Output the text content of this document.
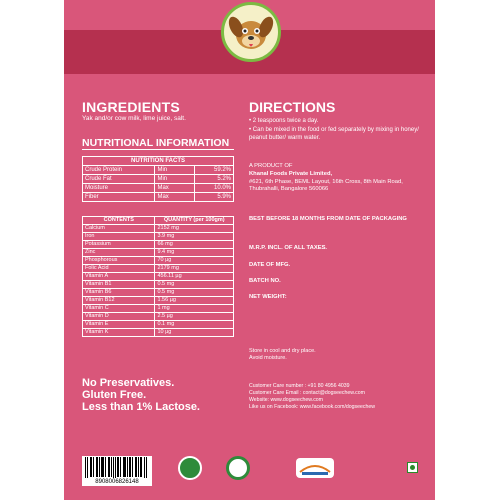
INGREDIENTS
Yak and/or cow milk, lime juice, salt.
NUTRITIONAL INFORMATION
NUTRITION FACTS		
Crude Protein	Min	59.2%
Crude Fat	Min	5.2%
Moisture	Max	10.0%
Fiber	Max	5.9%
CONTENTS	QUANTITY (per 100gm)
Calcium	2152 mg
Iron	3.9 mg
Potassium	66 mg
Zinc	9.4 mg
Phosphorous	70 µg
Folic Acid	2179 mg
Vitamin A	456.11 µg
Vitamin B1	0.5 mg
Vitamin B6	0.5 mg
Vitamin B12	1.56 µg
Vitamin C	1 mg
Vitamin D	2.5 µg
Vitamin E	0.1 mg
Vitamin K	10 µg
DIRECTIONS
• 2 teaspoons twice a day.
• Can be mixed in the food or fed separately by mixing in honey/ peanut butter/ warm water.
A PRODUCT OF
Khanal Foods Private Limited,
#621, 6th Phase, BEML Layout, 16th Cross, 8th Main Road, Thubrahalli, Bangalore 560066
BEST BEFORE 18 MONTHS FROM DATE OF PACKAGING
M.R.P. INCL. OF ALL TAXES.
DATE OF MFG.
BATCH NO.
NET WEIGHT:
Store in cool and dry place.
Avoid moisture.
No Preservatives.
Gluten Free.
Less than 1% Lactose.
Customer Care number : +91 80 4956 4039
Customer Care Email : contact@dogseechew.com
Website: www.dogseechew.com
Like us on Facebook: www.facebook.com/dogseechew
8908006826148
